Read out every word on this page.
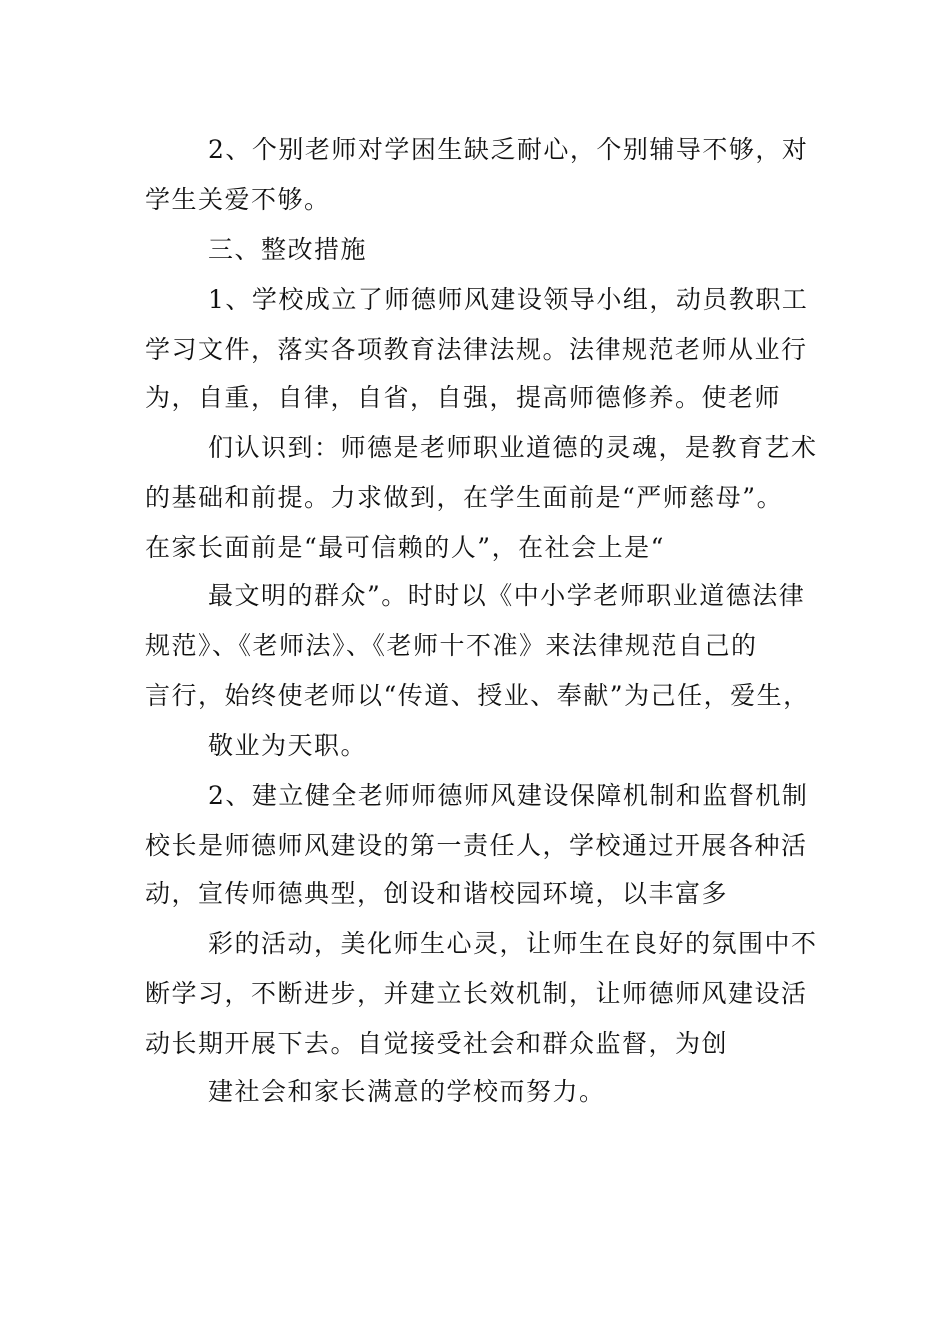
2、个别老师对学困生缺乏耐心，个别辅导不够，对
学生关爱不够。
三、整改措施
1、学校成立了师德师风建设领导小组，动员教职工
学习文件，落实各项教育法律法规。法律规范老师从业行
为，自重，自律，自省，自强，提高师德修养。使老师
们认识到：师德是老师职业道德的灵魂，是教育艺术
的基础和前提。力求做到，在学生面前是“严师慈母”。
在家长面前是“最可信赖的人”，在社会上是“
最文明的群众”。时时以《中小学老师职业道德法律
规范》、《老师法》、《老师十不准》来法律规范自己的
言行，始终使老师以“传道、授业、奉献”为己任，爱生，
敬业为天职。
2、建立健全老师师德师风建设保障机制和监督机制
校长是师德师风建设的第一责任人，学校通过开展各种活
动，宣传师德典型，创设和谐校园环境，以丰富多
彩的活动，美化师生心灵，让师生在良好的氛围中不
断学习，不断进步，并建立长效机制，让师德师风建设活
动长期开展下去。自觉接受社会和群众监督，为创
建社会和家长满意的学校而努力。
